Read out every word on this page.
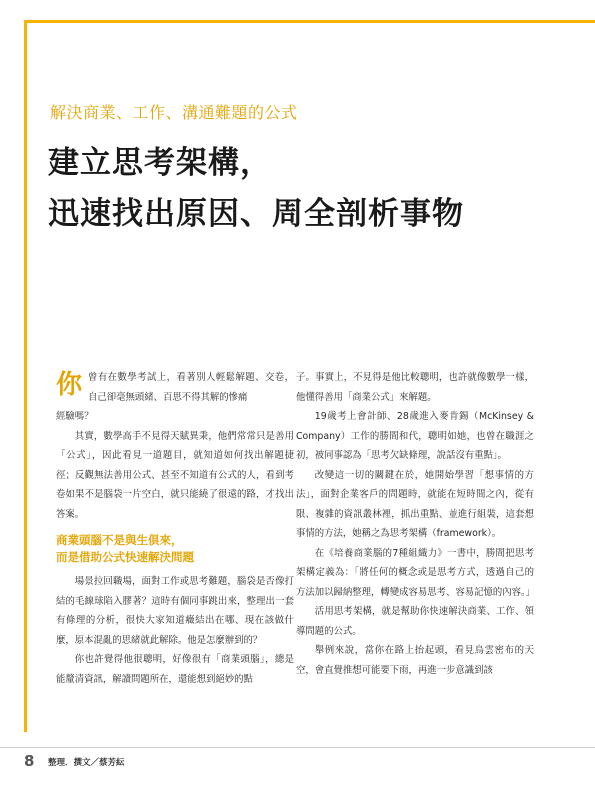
解決商業、工作、溝通難題的公式
建立思考架構，
迅速找出原因、周全剖析事物
你 曾有在數學考試上，看著別人輕鬆解題、交卷，自己卻毫無頭緒、百思不得其解的慘痛

經驗嗎？

其實，數學高手不見得天賦異秉，他們常常只是善用「公式」，因此看見一道題目，就知道如何找出解題捷徑；反觀無法善用公式、甚至不知道有公式的人，看到考卷如果不是腦袋一片空白，就只能繞了很遠的路，才找出答案。

商業頭腦不是與生俱來，
而是借助公式快速解決問題

場景拉回職場，面對工作或思考難題，腦袋是否像打結的毛線球陷入膠著？這時有個同事跳出來，整理出一套有條理的分析，很快大家知道癥結出在哪、現在該做什麼，原本混亂的思緒就此解除。他是怎麼辦到的？

你也許覺得他很聰明，好像很有「商業頭腦」，總是能釐清資訊，解讀問題所在，還能想到絕妙的點

子。事實上，不見得是他比較聰明，也許就像數學一樣，他懂得善用「商業公式」來解題。

19歲考上會計師、28歲進入麥肯錫（McKinsey & Company）工作的勝間和代，聰明如她，也曾在職涯之初，被同事認為「思考欠缺條理，說話沒有重點」。

改變這一切的關鍵在於，她開始學習「想事情的方法」，面對企業客戶的問題時，就能在短時間之內，從有限、複雜的資訊叢林裡，抓出重點、並進行組裝，這套想事情的方法，她稱之為思考架構（framework）。

在《培養商業腦的7種組織力》一書中，勝間把思考架構定義為：「將任何的概念或是思考方式，透過自己的方法加以歸納整理，轉變成容易思考、容易記憶的內容。」

活用思考架構，就是幫助你快速解決商業、工作、領導問題的公式。

舉例來說，當你在路上抬起頭，看見烏雲密布的天空，會直覺推想可能要下雨，再進一步意識到該

8 整理．撰文／蔡芳紜
